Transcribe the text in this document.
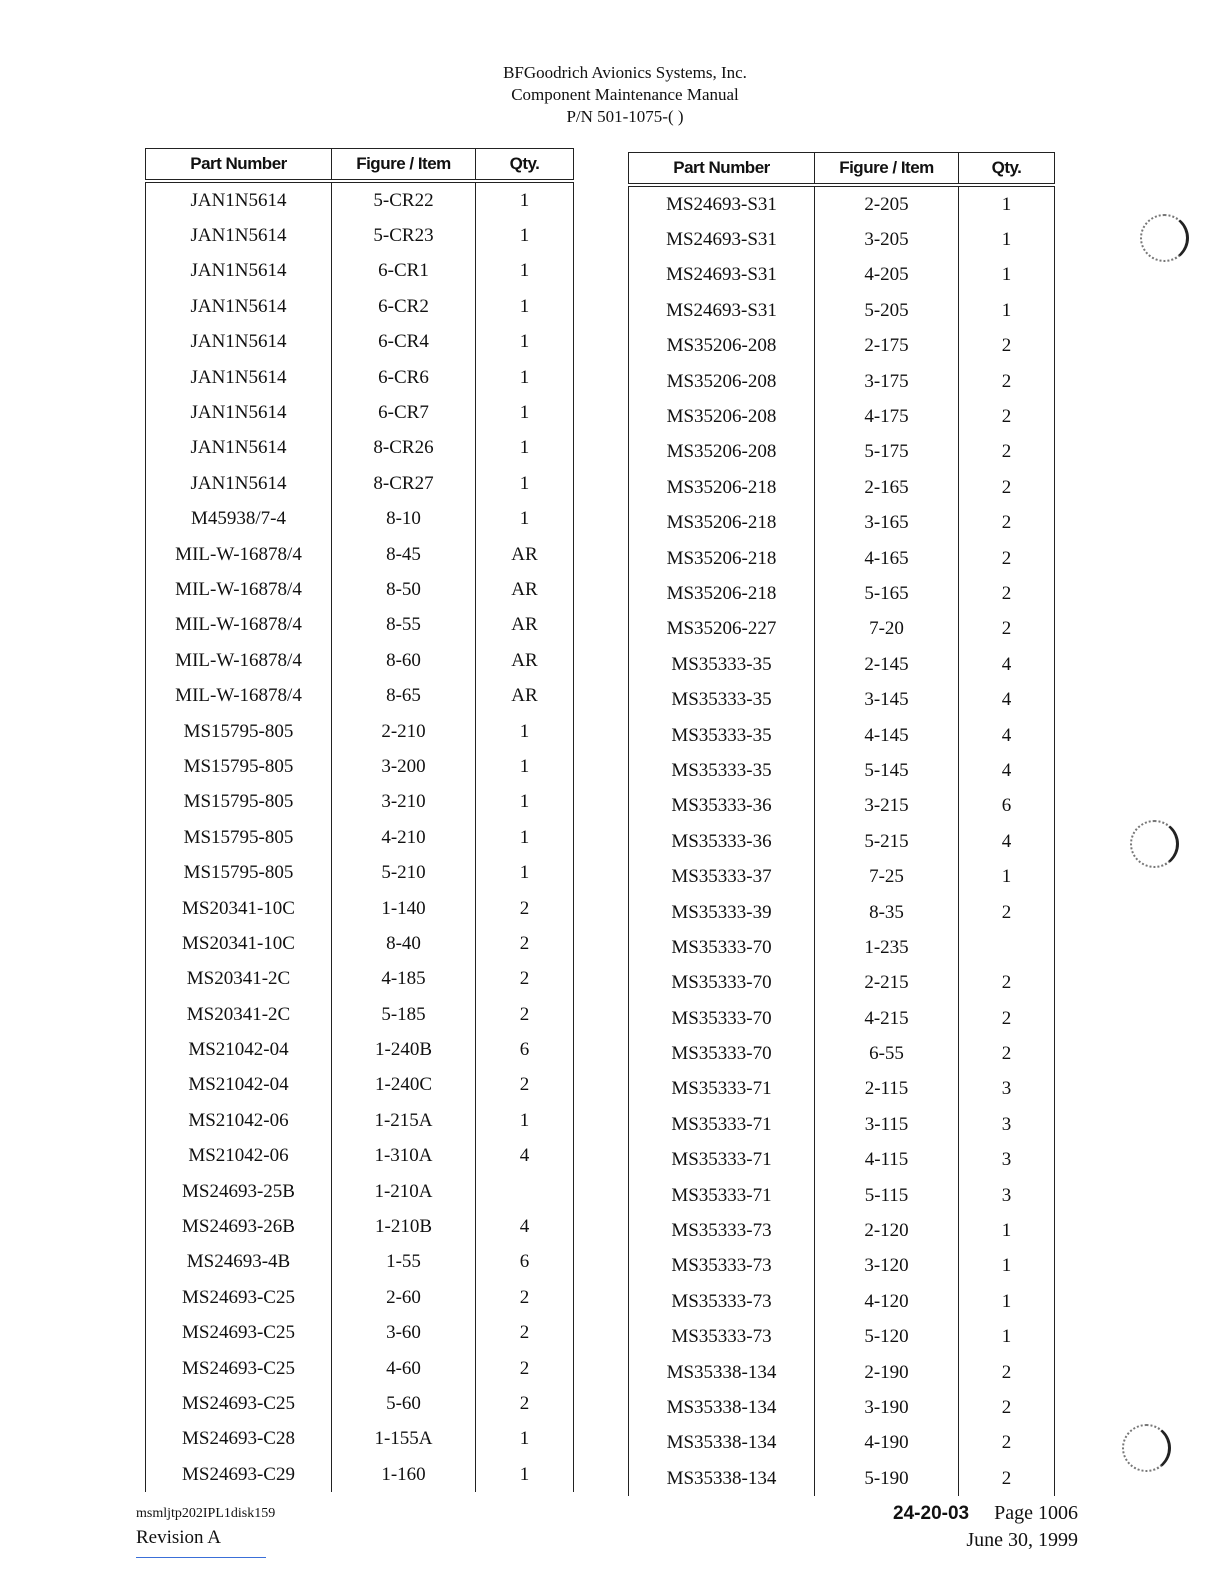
BFGoodrich Avionics Systems, Inc.
Component Maintenance Manual
P/N 501-1075-( )
Part Number	Figure / Item	Qty.
JAN1N5614	5-CR22	1
JAN1N5614	5-CR23	1
JAN1N5614	6-CR1	1
JAN1N5614	6-CR2	1
JAN1N5614	6-CR4	1
JAN1N5614	6-CR6	1
JAN1N5614	6-CR7	1
JAN1N5614	8-CR26	1
JAN1N5614	8-CR27	1
M45938/7-4	8-10	1
MIL-W-16878/4	8-45	AR
MIL-W-16878/4	8-50	AR
MIL-W-16878/4	8-55	AR
MIL-W-16878/4	8-60	AR
MIL-W-16878/4	8-65	AR
MS15795-805	2-210	1
MS15795-805	3-200	1
MS15795-805	3-210	1
MS15795-805	4-210	1
MS15795-805	5-210	1
MS20341-10C	1-140	2
MS20341-10C	8-40	2
MS20341-2C	4-185	2
MS20341-2C	5-185	2
MS21042-04	1-240B	6
MS21042-04	1-240C	2
MS21042-06	1-215A	1
MS21042-06	1-310A	4
MS24693-25B	1-210A	
MS24693-26B	1-210B	4
MS24693-4B	1-55	6
MS24693-C25	2-60	2
MS24693-C25	3-60	2
MS24693-C25	4-60	2
MS24693-C25	5-60	2
MS24693-C28	1-155A	1
MS24693-C29	1-160	1
Part Number	Figure / Item	Qty.
MS24693-S31	2-205	1
MS24693-S31	3-205	1
MS24693-S31	4-205	1
MS24693-S31	5-205	1
MS35206-208	2-175	2
MS35206-208	3-175	2
MS35206-208	4-175	2
MS35206-208	5-175	2
MS35206-218	2-165	2
MS35206-218	3-165	2
MS35206-218	4-165	2
MS35206-218	5-165	2
MS35206-227	7-20	2
MS35333-35	2-145	4
MS35333-35	3-145	4
MS35333-35	4-145	4
MS35333-35	5-145	4
MS35333-36	3-215	6
MS35333-36	5-215	4
MS35333-37	7-25	1
MS35333-39	8-35	2
MS35333-70	1-235	
MS35333-70	2-215	2
MS35333-70	4-215	2
MS35333-70	6-55	2
MS35333-71	2-115	3
MS35333-71	3-115	3
MS35333-71	4-115	3
MS35333-71	5-115	3
MS35333-73	2-120	1
MS35333-73	3-120	1
MS35333-73	4-120	1
MS35333-73	5-120	1
MS35338-134	2-190	2
MS35338-134	3-190	2
MS35338-134	4-190	2
MS35338-134	5-190	2
msmljtp202IPL1disk159
Revision A
24-20-03 Page 1006
June 30, 1999
